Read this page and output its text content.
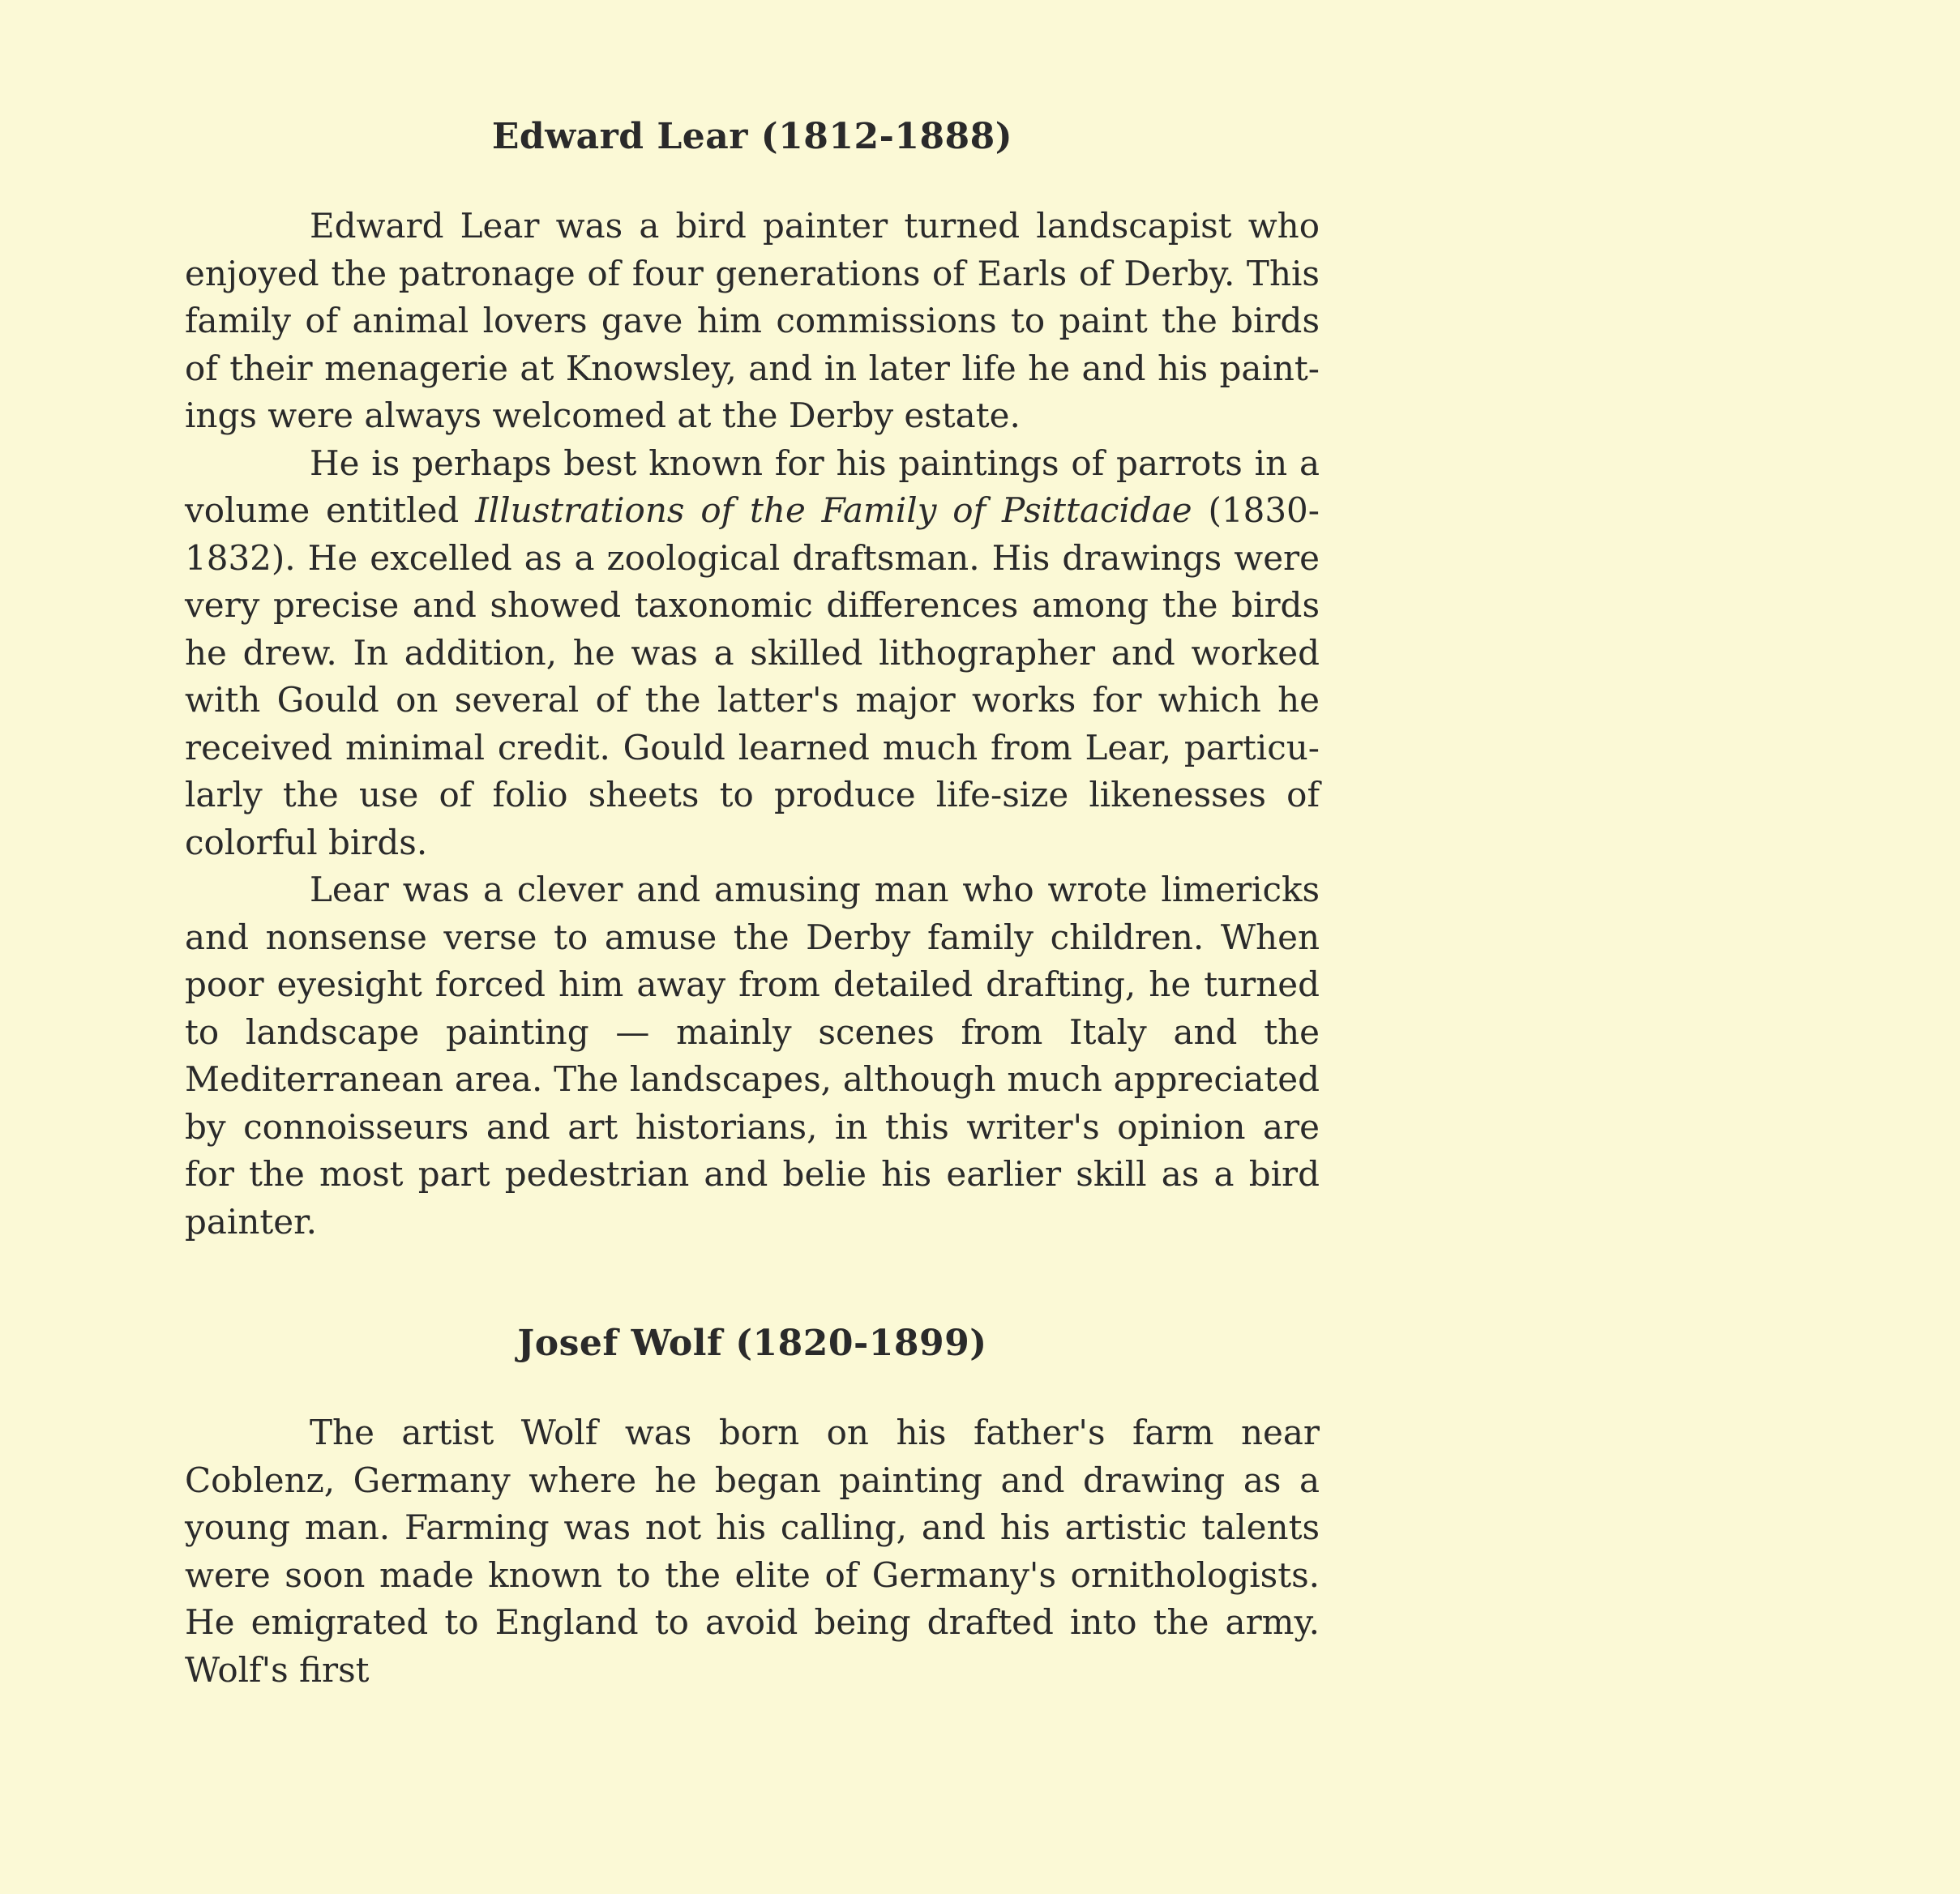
Edward Lear (1812-1888)

Edward Lear was a bird painter turned landscapist who enjoyed the patronage of four generations of Earls of Derby. This family of animal lovers gave him commissions to paint the birds of their menagerie at Knowsley, and in later life he and his paintings were always welcomed at the Derby estate.

He is perhaps best known for his paintings of parrots in a volume entitled Illustrations of the Family of Psittacidae (1830-1832). He excelled as a zoological draftsman. His drawings were very precise and showed taxonomic differences among the birds he drew. In addition, he was a skilled lithographer and worked with Gould on several of the latter's major works for which he received minimal credit. Gould learned much from Lear, particularly the use of folio sheets to produce life-size likenesses of colorful birds.

Lear was a clever and amusing man who wrote limericks and nonsense verse to amuse the Derby family children. When poor eyesight forced him away from detailed drafting, he turned to landscape painting — mainly scenes from Italy and the Mediterranean area. The landscapes, although much appreciated by connoisseurs and art historians, in this writer's opinion are for the most part pedestrian and belie his earlier skill as a bird painter.

Josef Wolf (1820-1899)

The artist Wolf was born on his father's farm near Coblenz, Germany where he began painting and drawing as a young man. Farming was not his calling, and his artistic talents were soon made known to the elite of Germany's ornithologists. He emigrated to England to avoid being drafted into the army. Wolf's first
